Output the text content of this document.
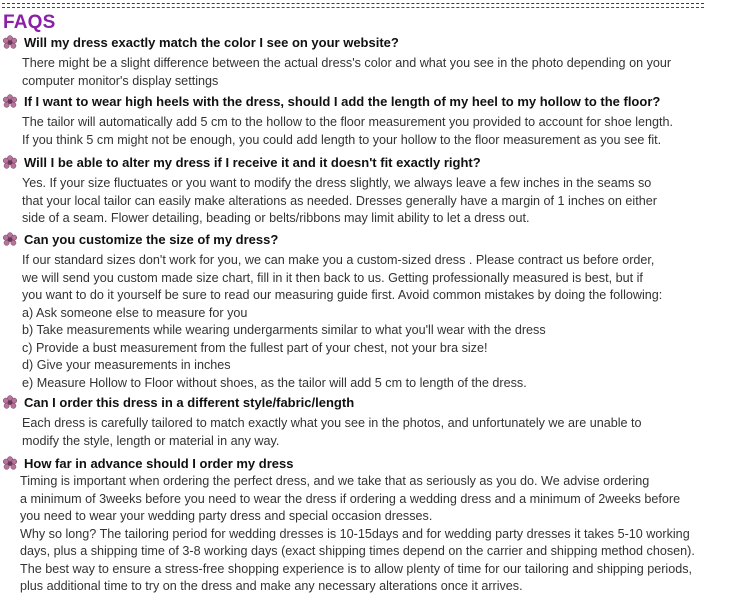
FAQS
Will my dress exactly match the color I see on your website?
There might be a slight difference between the actual dress's color and what you see in the photo depending on your
computer monitor's display settings
If I want to wear high heels with the dress, should I add the length of my heel to my hollow to the floor?
The tailor will automatically add 5 cm to the hollow to the floor measurement you provided to account for shoe length.
If you think 5 cm might not be enough, you could add length to your hollow to the floor measurement as you see fit.
Will I be able to alter my dress if I receive it and it doesn't fit exactly right?
Yes. If your size fluctuates or you want to modify the dress slightly, we always leave a few inches in the seams so
that your local tailor can easily make alterations as needed. Dresses generally have a margin of 1 inches on either
side of a seam. Flower detailing, beading or belts/ribbons may limit ability to let a dress out.
Can you customize the size of my dress?
If our standard sizes don't work for you, we can make you a custom-sized dress . Please contract us before order,
we will send you custom made size chart, fill in it then back to us. Getting professionally measured is best, but if
you want to do it yourself be sure to read our measuring guide first. Avoid common mistakes by doing the following:
a) Ask someone else to measure for you
b) Take measurements while wearing undergarments similar to what you'll wear with the dress
c) Provide a bust measurement from the fullest part of your chest, not your bra size!
d) Give your measurements in inches
e) Measure Hollow to Floor without shoes, as the tailor will add 5 cm to length of the dress.
Can I order this dress in a different style/fabric/length
Each dress is carefully tailored to match exactly what you see in the photos, and unfortunately we are unable to
modify the style, length or material in any way.
How far in advance should I order my dress
Timing is important when ordering the perfect dress, and we take that as seriously as you do. We advise ordering
a minimum of 3weeks before you need to wear the dress if ordering a wedding dress and a minimum of 2weeks before
you need to wear your wedding party dress and special occasion dresses.
Why so long? The tailoring period for wedding dresses is 10-15days and for wedding party dresses it takes 5-10 working
days, plus a shipping time of 3-8 working days (exact shipping times depend on the carrier and shipping method chosen).
The best way to ensure a stress-free shopping experience is to allow plenty of time for our tailoring and shipping periods,
plus additional time to try on the dress and make any necessary alterations once it arrives.
